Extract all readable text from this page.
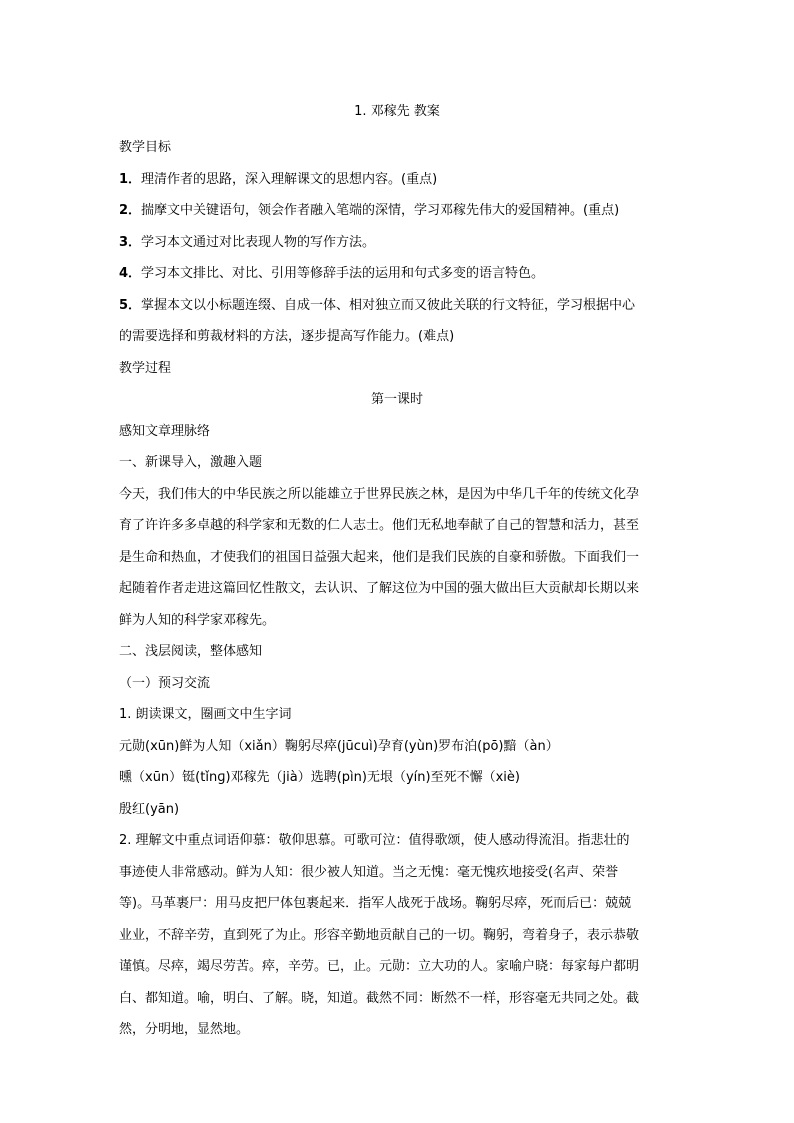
1. 邓稼先 教案

教学目标

1．理清作者的思路，深入理解课文的思想内容。(重点)

2．揣摩文中关键语句，领会作者融入笔端的深情，学习邓稼先伟大的爱国精神。(重点)

3．学习本文通过对比表现人物的写作方法。

4．学习本文排比、对比、引用等修辞手法的运用和句式多变的语言特色。

5．掌握本文以小标题连缀、自成一体、相对独立而又彼此关联的行文特征，学习根据中心

的需要选择和剪裁材料的方法，逐步提高写作能力。(难点)

教学过程

第一课时

感知文章理脉络

一、新课导入，激趣入题

今天，我们伟大的中华民族之所以能雄立于世界民族之林，是因为中华几千年的传统文化孕

育了许许多多卓越的科学家和无数的仁人志士。他们无私地奉献了自己的智慧和活力，甚至

是生命和热血，才使我们的祖国日益强大起来，他们是我们民族的自豪和骄傲。下面我们一

起随着作者走进这篇回忆性散文，去认识、了解这位为中国的强大做出巨大贡献却长期以来

鲜为人知的科学家邓稼先。

二、浅层阅读，整体感知

（一）预习交流

1. 朗读课文，圈画文中生字词

元勋(xūn)鲜为人知（xiǎn）鞠躬尽瘁(jūcuì)孕育(yùn)罗布泊(pō)黯（àn）

曛（xūn）铤(tǐnɡ)邓稼先（jià）选聘(pìn)无垠（yín)至死不懈（xiè)

殷红(yān)

2. 理解文中重点词语仰慕：敬仰思慕。可歌可泣：值得歌颂，使人感动得流泪。指悲壮的

事迹使人非常感动。鲜为人知：很少被人知道。当之无愧：毫无愧疚地接受(名声、荣誉

等)。马革裹尸：用马皮把尸体包裹起来．指军人战死于战场。鞠躬尽瘁，死而后已：兢兢

业业，不辞辛劳，直到死了为止。形容辛勤地贡献自己的一切。鞠躬，弯着身子，表示恭敬

谨慎。尽瘁，竭尽劳苦。瘁，辛劳。已，止。元勋：立大功的人。家喻户晓：每家每户都明

白、都知道。喻，明白、了解。晓，知道。截然不同：断然不一样，形容毫无共同之处。截

然，分明地，显然地。
